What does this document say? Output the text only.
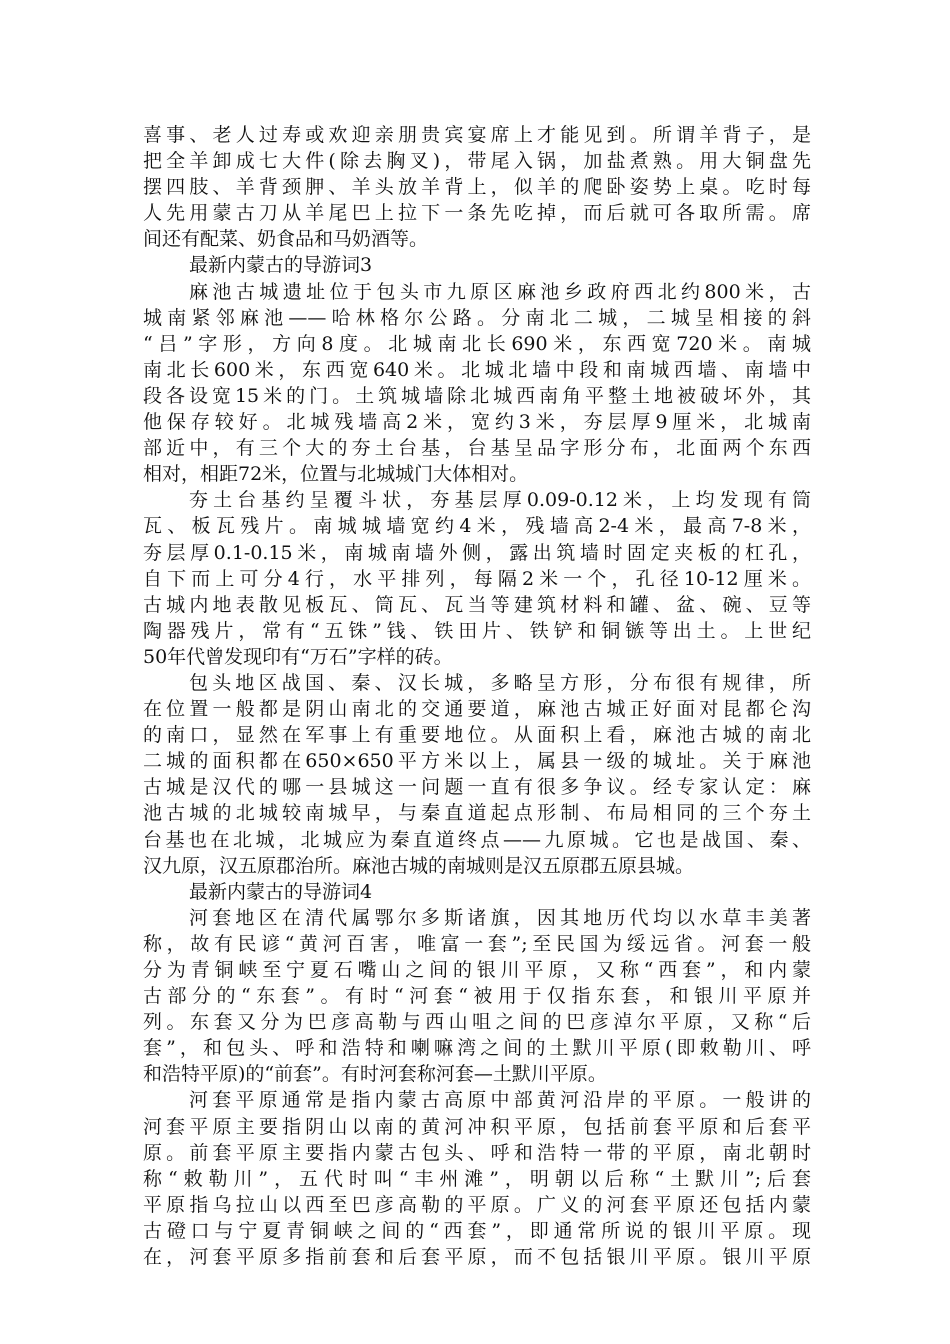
喜事、老人过寿或欢迎亲朋贵宾宴席上才能见到。所谓羊背子，是
把全羊卸成七大件(除去胸叉)，带尾入锅，加盐煮熟。用大铜盘先
摆四肢、羊背颈胛、羊头放羊背上，似羊的爬卧姿势上桌。吃时每
人先用蒙古刀从羊尾巴上拉下一条先吃掉，而后就可各取所需。席
间还有配菜、奶食品和马奶酒等。
最新内蒙古的导游词3
麻池古城遗址位于包头市九原区麻池乡政府西北约800米，古
城南紧邻麻池——哈林格尔公路。分南北二城，二城呈相接的斜
“吕”字形，方向8度。北城南北长690米，东西宽720米。南城
南北长600米，东西宽640米。北城北墙中段和南城西墙、南墙中
段各设宽15米的门。土筑城墙除北城西南角平整土地被破坏外，其
他保存较好。北城残墙高2米，宽约3米，夯层厚9厘米，北城南
部近中，有三个大的夯土台基，台基呈品字形分布，北面两个东西
相对，相距72米，位置与北城城门大体相对。
夯土台基约呈覆斗状，夯基层厚0.09-0.12米，上均发现有筒
瓦、板瓦残片。南城城墙宽约4米，残墙高2-4米，最高7-8米，
夯层厚0.1-0.15米，南城南墙外侧，露出筑墙时固定夹板的杠孔，
自下而上可分4行，水平排列，每隔2米一个，孔径10-12厘米。
古城内地表散见板瓦、筒瓦、瓦当等建筑材料和罐、盆、碗、豆等
陶器残片，常有“五铢”钱、铁田片、铁铲和铜镞等出土。上世纪
50年代曾发现印有“万石”字样的砖。
包头地区战国、秦、汉长城，多略呈方形，分布很有规律，所
在位置一般都是阴山南北的交通要道，麻池古城正好面对昆都仑沟
的南口，显然在军事上有重要地位。从面积上看，麻池古城的南北
二城的面积都在650×650平方米以上，属县一级的城址。关于麻池
古城是汉代的哪一县城这一问题一直有很多争议。经专家认定：麻
池古城的北城较南城早，与秦直道起点形制、布局相同的三个夯土
台基也在北城，北城应为秦直道终点——九原城。它也是战国、秦、
汉九原，汉五原郡治所。麻池古城的南城则是汉五原郡五原县城。
最新内蒙古的导游词4
河套地区在清代属鄂尔多斯诸旗，因其地历代均以水草丰美著
称，故有民谚“黄河百害，唯富一套”;至民国为绥远省。河套一般
分为青铜峡至宁夏石嘴山之间的银川平原，又称“西套”，和内蒙
古部分的“东套”。有时“河套“被用于仅指东套，和银川平原并
列。东套又分为巴彦高勒与西山咀之间的巴彦淖尔平原，又称“后
套”，和包头、呼和浩特和喇嘛湾之间的土默川平原(即敕勒川、呼
和浩特平原)的“前套”。有时河套称河套—土默川平原。
河套平原通常是指内蒙古高原中部黄河沿岸的平原。一般讲的
河套平原主要指阴山以南的黄河冲积平原，包括前套平原和后套平
原。前套平原主要指内蒙古包头、呼和浩特一带的平原，南北朝时
称“敕勒川”，五代时叫“丰州滩”，明朝以后称“土默川”;后套
平原指乌拉山以西至巴彦高勒的平原。广义的河套平原还包括内蒙
古磴口与宁夏青铜峡之间的“西套”，即通常所说的银川平原。现
在，河套平原多指前套和后套平原，而不包括银川平原。银川平原
